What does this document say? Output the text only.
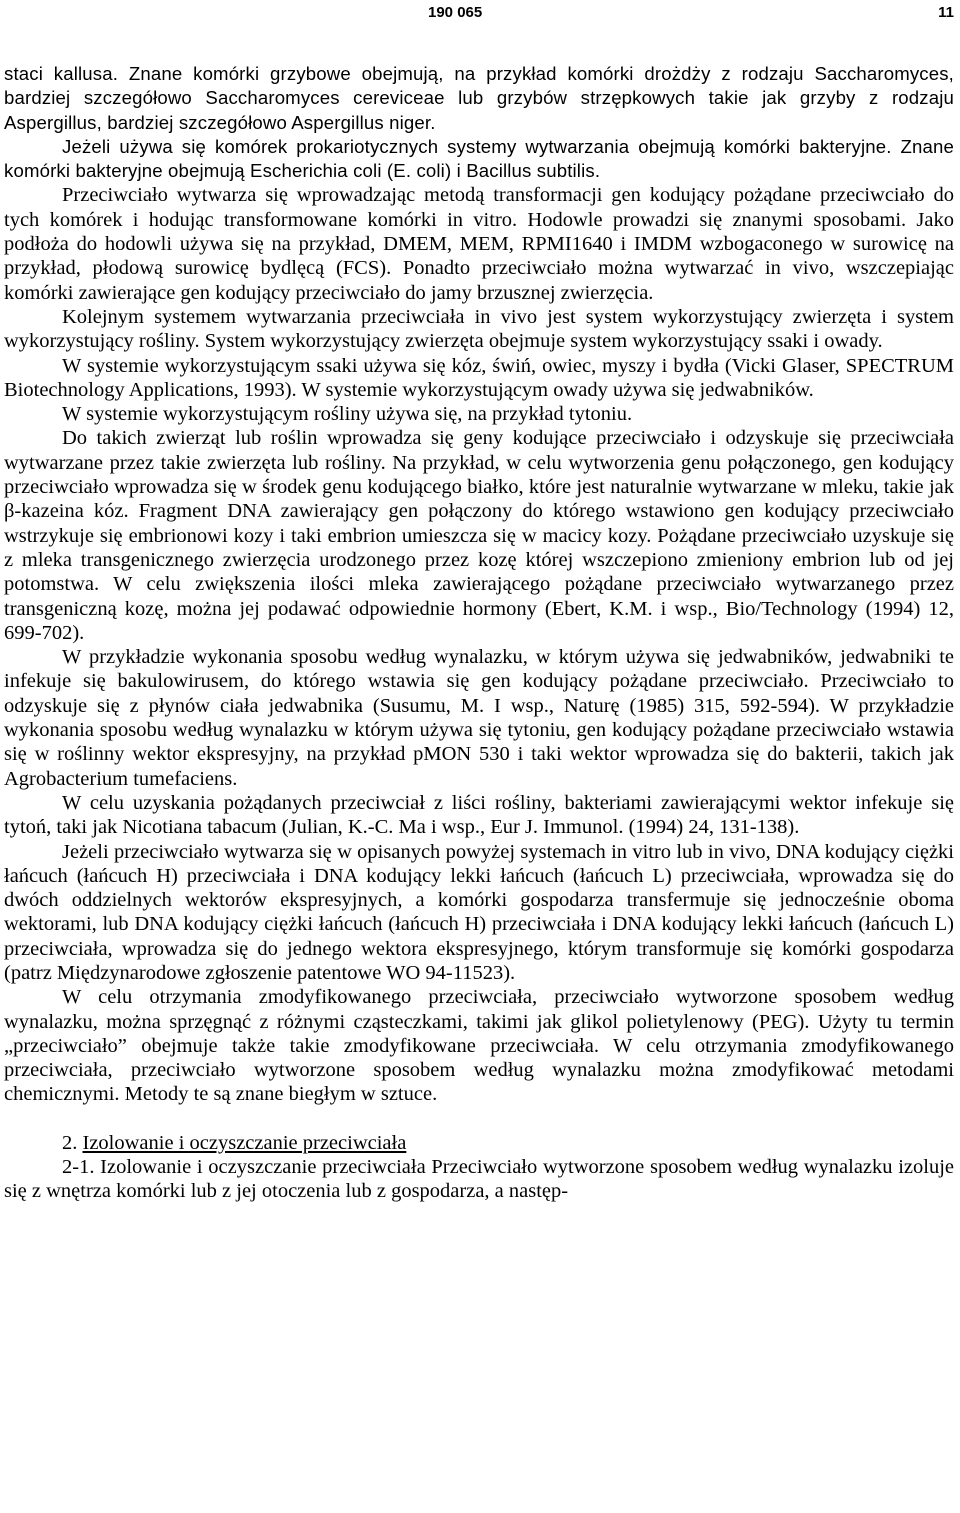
190 065	11

staci kallusa. Znane komórki grzybowe obejmują, na przykład komórki drożdży z rodzaju Saccharomyces, bardziej szczegółowo Saccharomyces cereviceae lub grzybów strzępkowych takie jak grzyby z rodzaju Aspergillus, bardziej szczegółowo Aspergillus niger.

Jeżeli używa się komórek prokariotycznych systemy wytwarzania obejmują komórki bakteryjne. Znane komórki bakteryjne obejmują Escherichia coli (E. coli) i Bacillus subtilis.

Przeciwciało wytwarza się wprowadzając metodą transformacji gen kodujący pożądane przeciwciało do tych komórek i hodując transformowane komórki in vitro. Hodowle prowadzi się znanymi sposobami. Jako podłoża do hodowli używa się na przykład, DMEM, MEM, RPMI1640 i IMDM wzbogaconego w surowicę na przykład, płodową surowicę bydlęcą (FCS). Ponadto przeciwciało można wytwarzać in vivo, wszczepiając komórki zawierające gen kodujący przeciwciało do jamy brzusznej zwierzęcia.

Kolejnym systemem wytwarzania przeciwciała in vivo jest system wykorzystujący zwierzęta i system wykorzystujący rośliny. System wykorzystujący zwierzęta obejmuje system wykorzystujący ssaki i owady.

W systemie wykorzystującym ssaki używa się kóz, świń, owiec, myszy i bydła (Vicki Glaser, SPECTRUM Biotechnology Applications, 1993). W systemie wykorzystującym owady używa się jedwabników.

W systemie wykorzystującym rośliny używa się, na przykład tytoniu.

Do takich zwierząt lub roślin wprowadza się geny kodujące przeciwciało i odzyskuje się przeciwciała wytwarzane przez takie zwierzęta lub rośliny. Na przykład, w celu wytworzenia genu połączonego, gen kodujący przeciwciało wprowadza się w środek genu kodującego białko, które jest naturalnie wytwarzane w mleku, takie jak β-kazeina kóz. Fragment DNA zawierający gen połączony do którego wstawiono gen kodujący przeciwciało wstrzykuje się embrionowi kozy i taki embrion umieszcza się w macicy kozy. Pożądane przeciwciało uzyskuje się z mleka transgenicznego zwierzęcia urodzonego przez kozę której wszczepiono zmieniony embrion lub od jej potomstwa. W celu zwiększenia ilości mleka zawierającego pożądane przeciwciało wytwarzanego przez transgeniczną kozę, można jej podawać odpowiednie hormony (Ebert, K.M. i wsp., Bio/Technology (1994) 12, 699-702).

W przykładzie wykonania sposobu według wynalazku, w którym używa się jedwabników, jedwabniki te infekuje się bakulowirusem, do którego wstawia się gen kodujący pożądane przeciwciało. Przeciwciało to odzyskuje się z płynów ciała jedwabnika (Susumu, M. I wsp., Naturę (1985) 315, 592-594). W przykładzie wykonania sposobu według wynalazku w którym używa się tytoniu, gen kodujący pożądane przeciwciało wstawia się w roślinny wektor ekspresyjny, na przykład pMON 530 i taki wektor wprowadza się do bakterii, takich jak Agrobacterium tumefaciens.

W celu uzyskania pożądanych przeciwciał z liści rośliny, bakteriami zawierającymi wektor infekuje się tytoń, taki jak Nicotiana tabacum (Julian, K.-C. Ma i wsp., Eur J. Immunol. (1994) 24, 131-138).

Jeżeli przeciwciało wytwarza się w opisanych powyżej systemach in vitro lub in vivo, DNA kodujący ciężki łańcuch (łańcuch H) przeciwciała i DNA kodujący lekki łańcuch (łańcuch L) przeciwciała, wprowadza się do dwóch oddzielnych wektorów ekspresyjnych, a komórki gospodarza transfermuje się jednocześnie oboma wektorami, lub DNA kodujący ciężki łańcuch (łańcuch H) przeciwciała i DNA kodujący lekki łańcuch (łańcuch L) przeciwciała, wprowadza się do jednego wektora ekspresyjnego, którym transformuje się komórki gospodarza (patrz Międzynarodowe zgłoszenie patentowe WO 94-11523).

W celu otrzymania zmodyfikowanego przeciwciała, przeciwciało wytworzone sposobem według wynalazku, można sprzęgnąć z różnymi cząsteczkami, takimi jak glikol polietylenowy (PEG). Użyty tu termin „przeciwciało” obejmuje także takie zmodyfikowane przeciwciała. W celu otrzymania zmodyfikowanego przeciwciała, przeciwciało wytworzone sposobem według wynalazku można zmodyfikować metodami chemicznymi. Metody te są znane biegłym w sztuce.

2. Izolowanie i oczyszczanie przeciwciała

2-1. Izolowanie i oczyszczanie przeciwciała Przeciwciało wytworzone sposobem według wynalazku izoluje się z wnętrza komórki lub z jej otoczenia lub z gospodarza, a następ-
